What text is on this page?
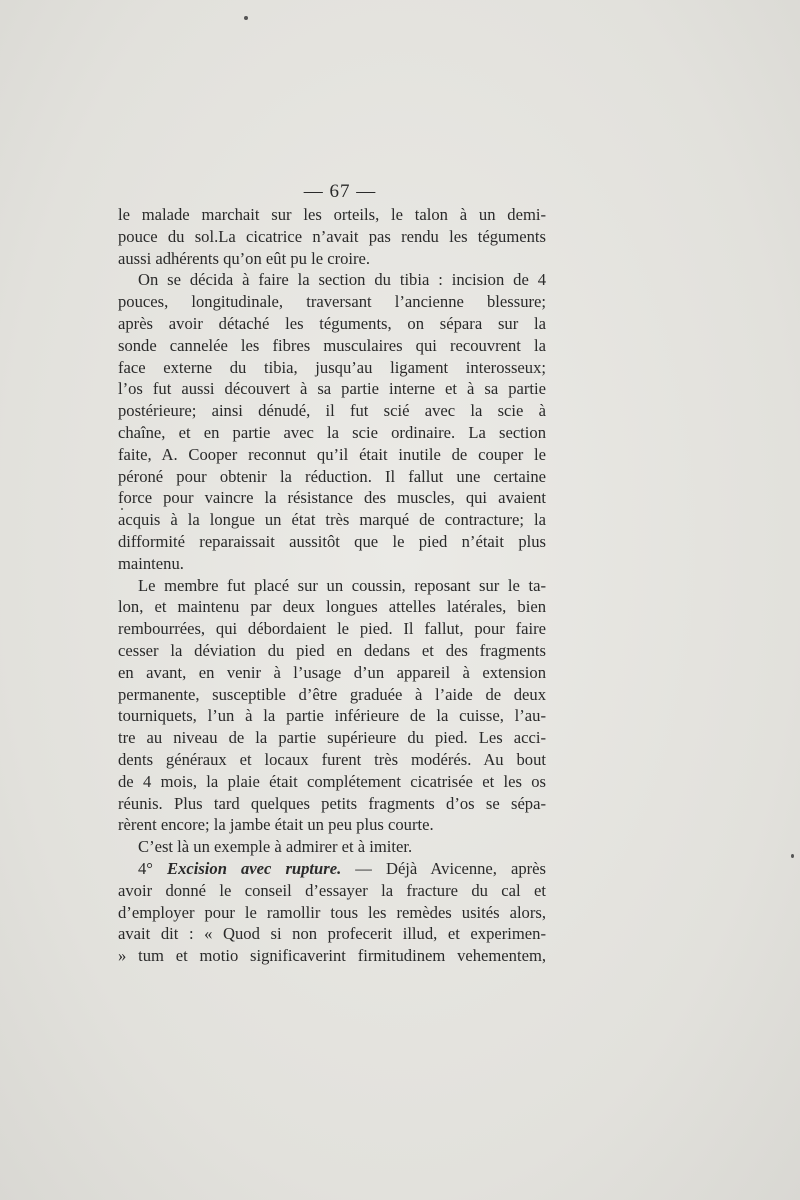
— 67 —
le malade marchait sur les orteils, le talon à un demi-
pouce du sol.La cicatrice n’avait pas rendu les téguments
aussi adhérents qu’on eût pu le croire.
On se décida à faire la section du tibia : incision de 4
pouces, longitudinale, traversant l’ancienne blessure;
après avoir détaché les téguments, on sépara sur la
sonde cannelée les fibres musculaires qui recouvrent la
face externe du tibia, jusqu’au ligament interosseux;
l’os fut aussi découvert à sa partie interne et à sa partie
postérieure; ainsi dénudé, il fut scié avec la scie à
chaîne, et en partie avec la scie ordinaire. La section
faite, A. Cooper reconnut qu’il était inutile de couper le
péroné pour obtenir la réduction. Il fallut une certaine
force pour vaincre la résistance des muscles, qui avaient
acquis à la longue un état très marqué de contracture; la
difformité reparaissait aussitôt que le pied n’était plus
maintenu.
Le membre fut placé sur un coussin, reposant sur le ta-
lon, et maintenu par deux longues attelles latérales, bien
rembourrées, qui débordaient le pied. Il fallut, pour faire
cesser la déviation du pied en dedans et des fragments
en avant, en venir à l’usage d’un appareil à extension
permanente, susceptible d’être graduée à l’aide de deux
tourniquets, l’un à la partie inférieure de la cuisse, l’au-
tre au niveau de la partie supérieure du pied. Les acci-
dents généraux et locaux furent très modérés. Au bout
de 4 mois, la plaie était complétement cicatrisée et les os
réunis. Plus tard quelques petits fragments d’os se sépa-
rèrent encore; la jambe était un peu plus courte.
C’est là un exemple à admirer et à imiter.
4° Excision avec rupture. — Déjà Avicenne, après
avoir donné le conseil d’essayer la fracture du cal et
d’employer pour le ramollir tous les remèdes usités alors,
avait dit : « Quod si non profecerit illud, et experimen-
» tum et motio significaverint firmitudinem vehementem,
